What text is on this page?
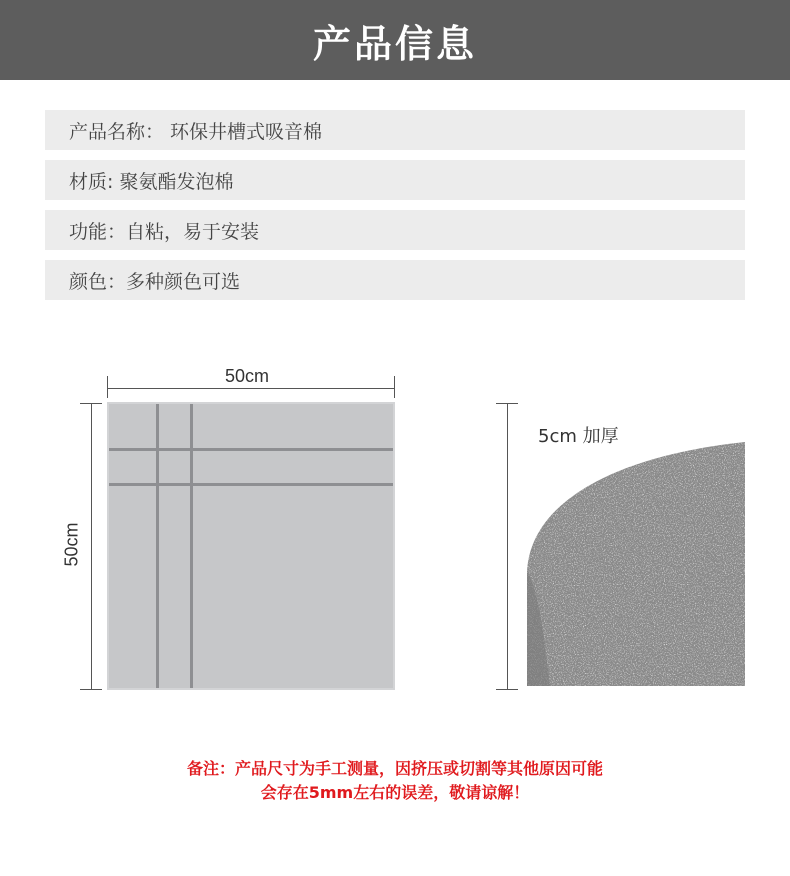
产品信息
产品名称： 环保井槽式吸音棉
材质: 聚氨酯发泡棉
功能：自粘，易于安装
颜色：多种颜色可选
50cm
50cm
5cm 加厚
备注：产品尺寸为手工测量，因挤压或切割等其他原因可能
会存在5mm左右的误差，敬请谅解！
